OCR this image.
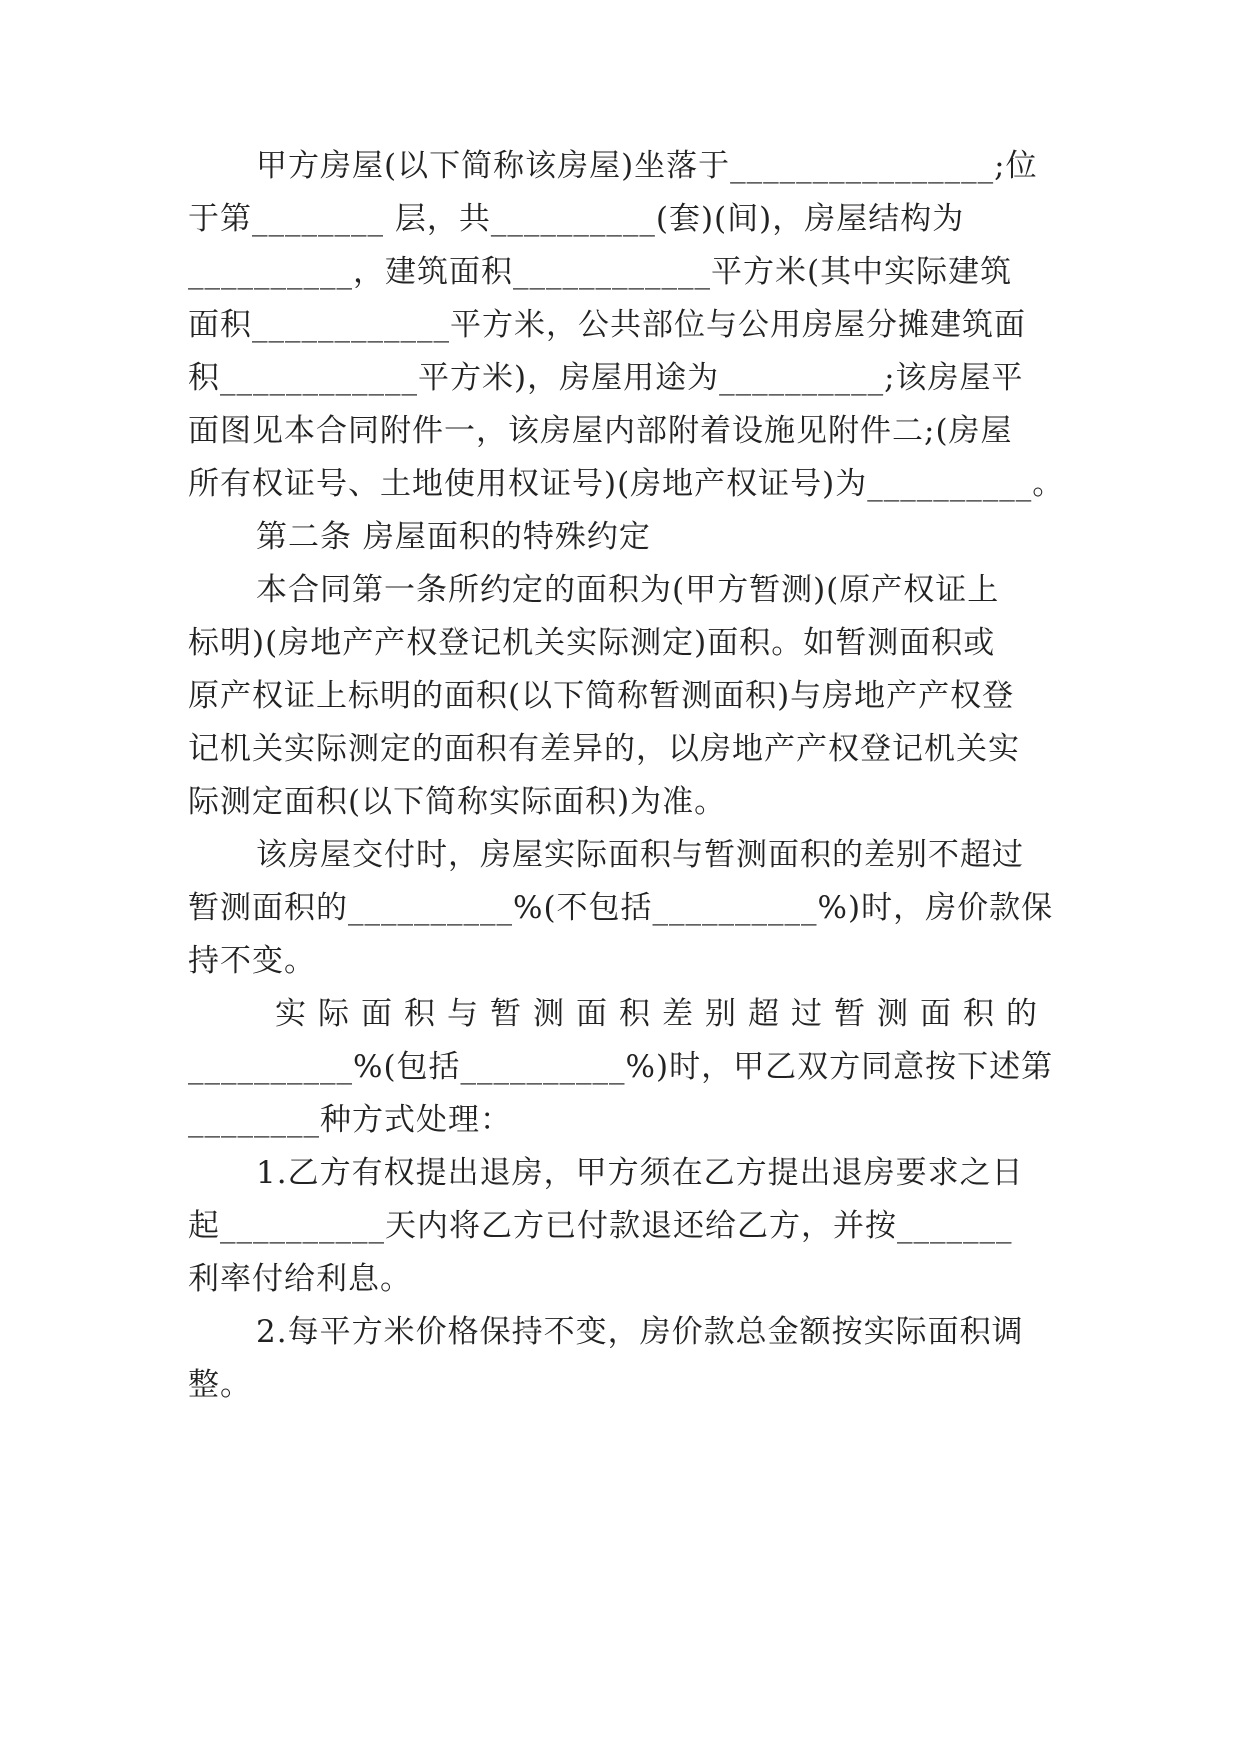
甲方房屋(以下简称该房屋)坐落于________________;位
于第________ 层，共__________(套)(间)，房屋结构为
__________，建筑面积____________平方米(其中实际建筑
面积____________平方米，公共部位与公用房屋分摊建筑面
积____________平方米)，房屋用途为__________;该房屋平
面图见本合同附件一，该房屋内部附着设施见附件二;(房屋
所有权证号、土地使用权证号)(房地产权证号)为__________。
第二条 房屋面积的特殊约定
本合同第一条所约定的面积为(甲方暂测)(原产权证上
标明)(房地产产权登记机关实际测定)面积。如暂测面积或
原产权证上标明的面积(以下简称暂测面积)与房地产产权登
记机关实际测定的面积有差异的，以房地产产权登记机关实
际测定面积(以下简称实际面积)为准。
该房屋交付时，房屋实际面积与暂测面积的差别不超过
暂测面积的__________%(不包括__________%)时，房价款保
持不变。
实际面积与暂测面积差别超过暂测面积的
__________%(包括__________%)时，甲乙双方同意按下述第
________种方式处理：
1.乙方有权提出退房，甲方须在乙方提出退房要求之日
起__________天内将乙方已付款退还给乙方，并按_______
利率付给利息。
2.每平方米价格保持不变，房价款总金额按实际面积调
整。
